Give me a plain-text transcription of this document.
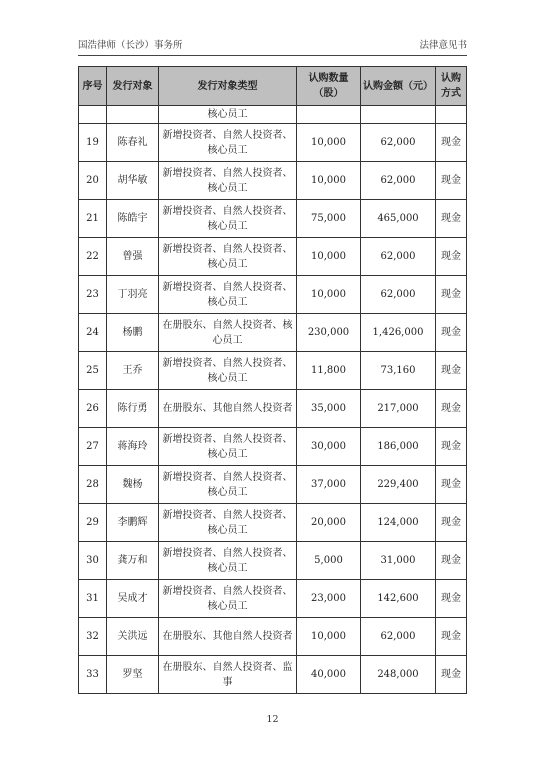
国浩律师（长沙）事务所	法律意见书
序号	发行对象	发行对象类型	认购数量（股）	认购金额（元）	认购方式
		核心员工			
19	陈春礼	新增投资者、自然人投资者、核心员工	10,000	62,000	现金
20	胡华敏	新增投资者、自然人投资者、核心员工	10,000	62,000	现金
21	陈皓宇	新增投资者、自然人投资者、核心员工	75,000	465,000	现金
22	曾强	新增投资者、自然人投资者、核心员工	10,000	62,000	现金
23	丁羽亮	新增投资者、自然人投资者、核心员工	10,000	62,000	现金
24	杨鹏	在册股东、自然人投资者、核心员工	230,000	1,426,000	现金
25	王乔	新增投资者、自然人投资者、核心员工	11,800	73,160	现金
26	陈行勇	在册股东、其他自然人投资者	35,000	217,000	现金
27	蒋海玲	新增投资者、自然人投资者、核心员工	30,000	186,000	现金
28	魏杨	新增投资者、自然人投资者、核心员工	37,000	229,400	现金
29	李鹏辉	新增投资者、自然人投资者、核心员工	20,000	124,000	现金
30	龚万和	新增投资者、自然人投资者、核心员工	5,000	31,000	现金
31	吴成才	新增投资者、自然人投资者、核心员工	23,000	142,600	现金
32	关洪远	在册股东、其他自然人投资者	10,000	62,000	现金
33	罗坚	在册股东、自然人投资者、监事	40,000	248,000	现金
12
